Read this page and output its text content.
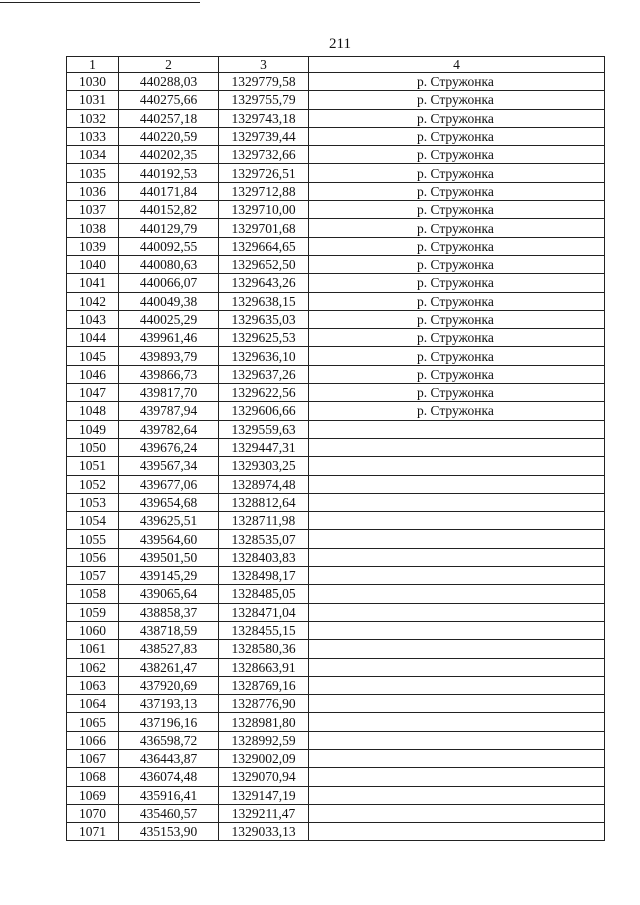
211
1	2	3	4
1030	440288,03	1329779,58	р. Стружонка
1031	440275,66	1329755,79	р. Стружонка
1032	440257,18	1329743,18	р. Стружонка
1033	440220,59	1329739,44	р. Стружонка
1034	440202,35	1329732,66	р. Стружонка
1035	440192,53	1329726,51	р. Стружонка
1036	440171,84	1329712,88	р. Стружонка
1037	440152,82	1329710,00	р. Стружонка
1038	440129,79	1329701,68	р. Стружонка
1039	440092,55	1329664,65	р. Стружонка
1040	440080,63	1329652,50	р. Стружонка
1041	440066,07	1329643,26	р. Стружонка
1042	440049,38	1329638,15	р. Стружонка
1043	440025,29	1329635,03	р. Стружонка
1044	439961,46	1329625,53	р. Стружонка
1045	439893,79	1329636,10	р. Стружонка
1046	439866,73	1329637,26	р. Стружонка
1047	439817,70	1329622,56	р. Стружонка
1048	439787,94	1329606,66	р. Стружонка
1049	439782,64	1329559,63	
1050	439676,24	1329447,31	
1051	439567,34	1329303,25	
1052	439677,06	1328974,48	
1053	439654,68	1328812,64	
1054	439625,51	1328711,98	
1055	439564,60	1328535,07	
1056	439501,50	1328403,83	
1057	439145,29	1328498,17	
1058	439065,64	1328485,05	
1059	438858,37	1328471,04	
1060	438718,59	1328455,15	
1061	438527,83	1328580,36	
1062	438261,47	1328663,91	
1063	437920,69	1328769,16	
1064	437193,13	1328776,90	
1065	437196,16	1328981,80	
1066	436598,72	1328992,59	
1067	436443,87	1329002,09	
1068	436074,48	1329070,94	
1069	435916,41	1329147,19	
1070	435460,57	1329211,47	
1071	435153,90	1329033,13	
